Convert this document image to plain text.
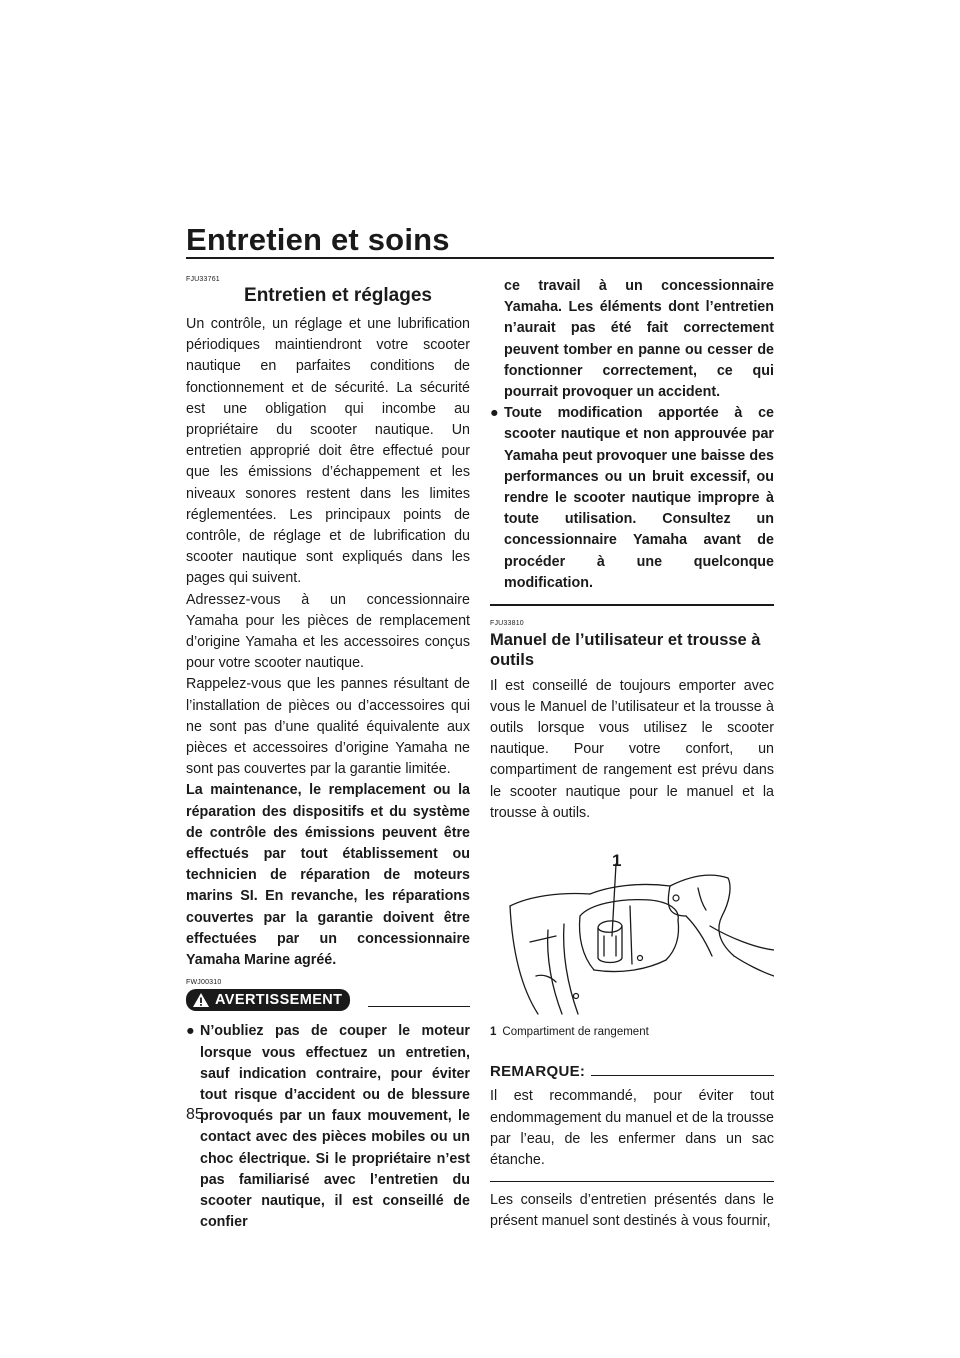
Entretien et soins
FJU33761
Entretien et réglages

Un contrôle, un réglage et une lubrification périodiques maintiendront votre scooter nautique en parfaites conditions de fonctionnement et de sécurité. La sécurité est une obligation qui incombe au propriétaire du scooter nautique. Un entretien approprié doit être effectué pour que les émissions d’échappement et les niveaux sonores restent dans les limites réglementées. Les principaux points de contrôle, de réglage et de lubrification du scooter nautique sont expliqués dans les pages qui suivent.

Adressez-vous à un concessionnaire Yamaha pour les pièces de remplacement d’origine Yamaha et les accessoires conçus pour votre scooter nautique.

Rappelez-vous que les pannes résultant de l’installation de pièces ou d’accessoires qui ne sont pas d’une qualité équivalente aux pièces et accessoires d’origine Yamaha ne sont pas couvertes par la garantie limitée.

La maintenance, le remplacement ou la réparation des dispositifs et du système de contrôle des émissions peuvent être effectués par tout établissement ou technicien de réparation de moteurs marins SI. En revanche, les réparations couvertes par la garantie doivent être effectuées par un concessionnaire Yamaha Marine agréé.

FWJ00310
AVERTISSEMENT
● N’oubliez pas de couper le moteur lorsque vous effectuez un entretien, sauf indication contraire, pour éviter tout risque d’accident ou de blessure provoqués par un faux mouvement, le contact avec des pièces mobiles ou un choc électrique. Si le propriétaire n’est pas familiarisé avec l’entretien du scooter nautique, il est conseillé de confier

ce travail à un concessionnaire Yamaha. Les éléments dont l’entretien n’aurait pas été fait correctement peuvent tomber en panne ou cesser de fonctionner correctement, ce qui pourrait provoquer un accident.

● Toute modification apportée à ce scooter nautique et non approuvée par Yamaha peut provoquer une baisse des performances ou un bruit excessif, ou rendre le scooter nautique impropre à toute utilisation. Consultez un concessionnaire Yamaha avant de procéder à une quelconque modification.

FJU33810
Manuel de l’utilisateur et trousse à outils

Il est conseillé de toujours emporter avec vous le Manuel de l’utilisateur et la trousse à outils lorsque vous utilisez le scooter nautique. Pour votre confort, un compartiment de rangement est prévu dans le scooter nautique pour le manuel et la trousse à outils.

1
1 Compartiment de rangement
REMARQUE:

Il est recommandé, pour éviter tout endommagement du manuel et de la trousse par l’eau, de les enfermer dans un sac étanche.

Les conseils d’entretien présentés dans le présent manuel sont destinés à vous fournir,

85
